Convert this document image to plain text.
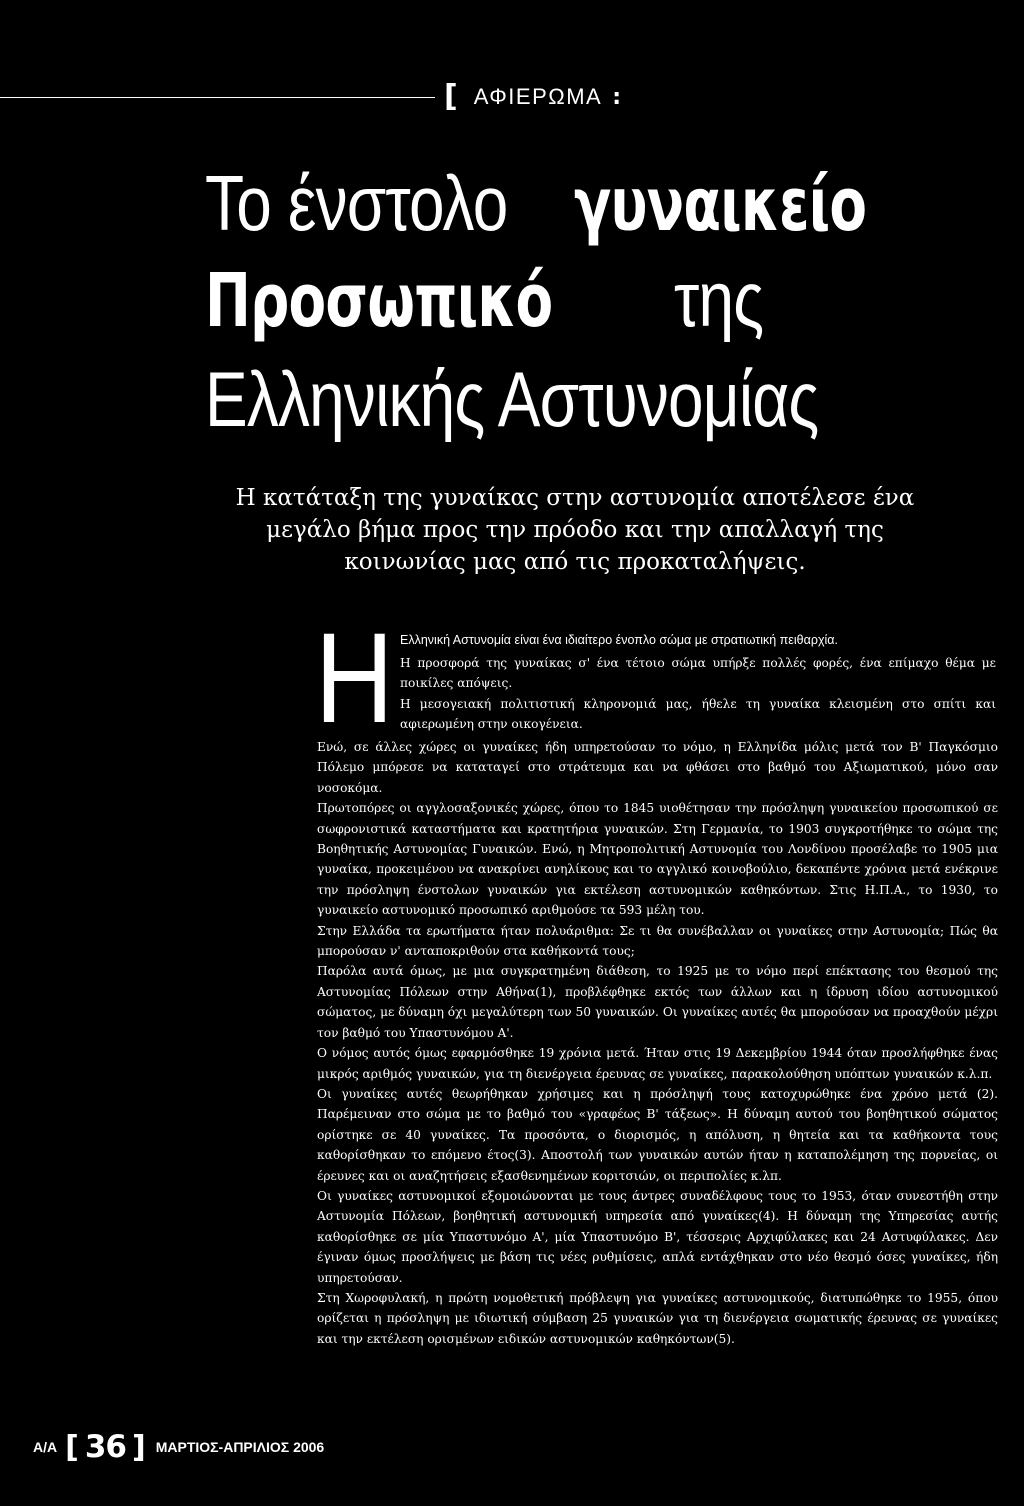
[ ΑΦΙΕΡΩΜΑ :
Το ένστολογυναικείο
Προσωπικότης
Ελληνικής Αστυνομίας
Η κατάταξη της γυναίκας στην αστυνομία αποτέλεσε ένα μεγάλο βήμα προς την πρόοδο και την απαλλαγή της κοινωνίας μας από τις προκαταλήψεις.
Η Ελληνική Αστυνομία είναι ένα ιδιαίτερο ένοπλο σώμα με στρατιωτική πειθαρχία.

Η προσφορά της γυναίκας σ' ένα τέτοιο σώμα υπήρξε πολλές φορές, ένα επίμαχο θέμα με ποικίλες απόψεις.

Η μεσογειακή πολιτιστική κληρονομιά μας, ήθελε τη γυναίκα κλεισμένη στο σπίτι και αφιερωμένη στην οικογένεια.

Ενώ, σε άλλες χώρες οι γυναίκες ήδη υπηρετούσαν το νόμο, η Ελληνίδα μόλις μετά τον Β' Παγκόσμιο Πόλεμο μπόρεσε να καταταγεί στο στράτευμα και να φθάσει στο βαθμό του Αξιωματικού, μόνο σαν νοσοκόμα.

Πρωτοπόρες οι αγγλοσαξονικές χώρες, όπου το 1845 υιοθέτησαν την πρόσληψη γυναικείου προσωπικού σε σωφρονιστικά καταστήματα και κρατητήρια γυναικών. Στη Γερμανία, το 1903 συγκροτήθηκε το σώμα της Βοηθητικής Αστυνομίας Γυναικών. Ενώ, η Μητροπολιτική Αστυνομία του Λονδίνου προσέλαβε το 1905 μια γυναίκα, προκειμένου να ανακρίνει ανηλίκους και το αγγλικό κοινοβούλιο, δεκαπέντε χρόνια μετά ενέκρινε την πρόσληψη ένστολων γυναικών για εκτέλεση αστυνομικών καθηκόντων. Στις Η.Π.Α., το 1930, το γυναικείο αστυνομικό προσωπικό αριθμούσε τα 593 μέλη του.

Στην Ελλάδα τα ερωτήματα ήταν πολυάριθμα: Σε τι θα συνέβαλλαν οι γυναίκες στην Αστυνομία; Πώς θα μπορούσαν ν' ανταποκριθούν στα καθήκοντά τους;

Παρόλα αυτά όμως, με μια συγκρατημένη διάθεση, το 1925 με το νόμο περί επέκτασης του θεσμού της Αστυνομίας Πόλεων στην Αθήνα(1), προβλέφθηκε εκτός των άλλων και η ίδρυση ιδίου αστυνομικού σώματος, με δύναμη όχι μεγαλύτερη των 50 γυναικών. Οι γυναίκες αυτές θα μπορούσαν να προαχθούν μέχρι τον βαθμό του Υπαστυνόμου Α'.

Ο νόμος αυτός όμως εφαρμόσθηκε 19 χρόνια μετά. Ήταν στις 19 Δεκεμβρίου 1944 όταν προσλήφθηκε ένας μικρός αριθμός γυναικών, για τη διενέργεια έρευνας σε γυναίκες, παρακολούθηση υπόπτων γυναικών κ.λ.π.

Οι γυναίκες αυτές θεωρήθηκαν χρήσιμες και η πρόσληψή τους κατοχυρώθηκε ένα χρόνο μετά (2). Παρέμειναν στο σώμα με το βαθμό του «γραφέως Β' τάξεως». Η δύναμη αυτού του βοηθητικού σώματος ορίστηκε σε 40 γυναίκες. Τα προσόντα, ο διορισμός, η απόλυση, η θητεία και τα καθήκοντα τους καθορίσθηκαν το επόμενο έτος(3). Αποστολή των γυναικών αυτών ήταν η καταπολέμηση της πορνείας, οι έρευνες και οι αναζητήσεις εξασθενημένων κοριτσιών, οι περιπολίες κ.λπ.

Οι γυναίκες αστυνομικοί εξομοιώνονται με τους άντρες συναδέλφους τους το 1953, όταν συνεστήθη στην Αστυνομία Πόλεων, βοηθητική αστυνομική υπηρεσία από γυναίκες(4). Η δύναμη της Υπηρεσίας αυτής καθορίσθηκε σε μία Υπαστυνόμο Α', μία Υπαστυνόμο Β', τέσσερις Αρχιφύλακες και 24 Αστυφύλακες. Δεν έγιναν όμως προσλήψεις με βάση τις νέες ρυθμίσεις, απλά εντάχθηκαν στο νέο θεσμό όσες γυναίκες, ήδη υπηρετούσαν.

Στη Χωροφυλακή, η πρώτη νομοθετική πρόβλεψη για γυναίκες αστυνομικούς, διατυπώθηκε το 1955, όπου ορίζεται η πρόσληψη με ιδιωτική σύμβαση 25 γυναικών για τη διενέργεια σωματικής έρευνας σε γυναίκες και την εκτέλεση ορισμένων ειδικών αστυνομικών καθηκόντων(5).

Α/Α [ 36 ] ΜΑΡΤΙΟΣ-ΑΠΡΙΛΙΟΣ 2006
